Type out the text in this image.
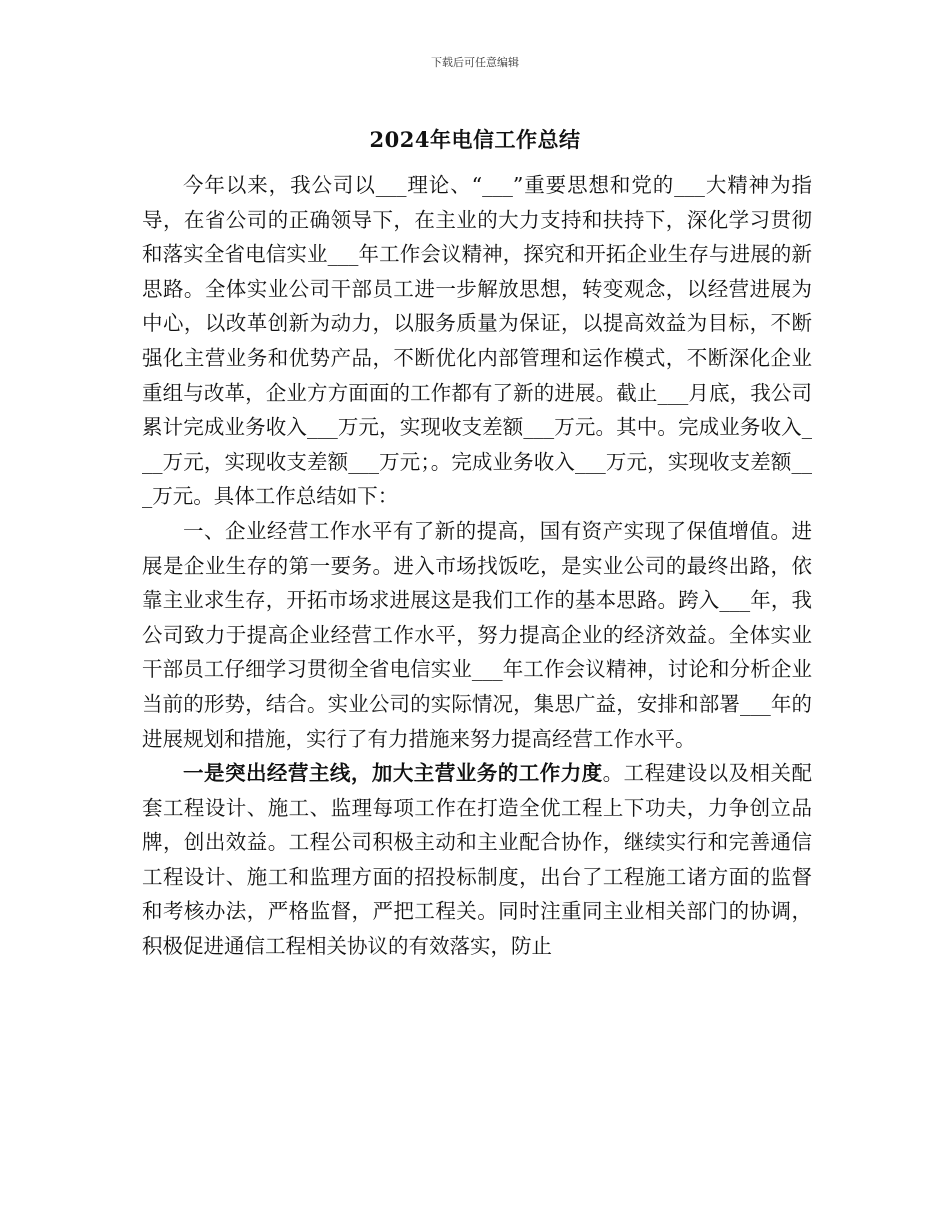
下载后可任意编辑
2024年电信工作总结

今年以来，我公司以___理论、“___”重要思想和党的___大精神为指导，在省公司的正确领导下，在主业的大力支持和扶持下，深化学习贯彻和落实全省电信实业___年工作会议精神，探究和开拓企业生存与进展的新思路。全体实业公司干部员工进一步解放思想，转变观念，以经营进展为中心，以改革创新为动力，以服务质量为保证，以提高效益为目标，不断强化主营业务和优势产品，不断优化内部管理和运作模式，不断深化企业重组与改革，企业方方面面的工作都有了新的进展。截止___月底，我公司累计完成业务收入___万元，实现收支差额___万元。其中。完成业务收入___万元，实现收支差额___万元；。完成业务收入___万元，实现收支差额___万元。具体工作总结如下：

一、企业经营工作水平有了新的提高，国有资产实现了保值增值。进展是企业生存的第一要务。进入市场找饭吃，是实业公司的最终出路，依靠主业求生存，开拓市场求进展这是我们工作的基本思路。跨入___年，我公司致力于提高企业经营工作水平，努力提高企业的经济效益。全体实业干部员工仔细学习贯彻全省电信实业___年工作会议精神，讨论和分析企业当前的形势，结合。实业公司的实际情况，集思广益，安排和部署___年的进展规划和措施，实行了有力措施来努力提高经营工作水平。

一是突出经营主线，加大主营业务的工作力度。工程建设以及相关配套工程设计、施工、监理每项工作在打造全优工程上下功夫，力争创立品牌，创出效益。工程公司积极主动和主业配合协作，继续实行和完善通信工程设计、施工和监理方面的招投标制度，出台了工程施工诸方面的监督和考核办法，严格监督，严把工程关。同时注重同主业相关部门的协调，积极促进通信工程相关协议的有效落实，防止
